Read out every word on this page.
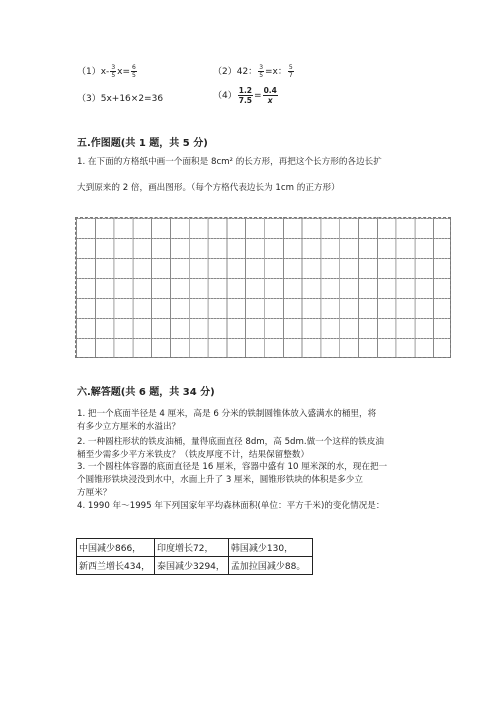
$(1)x- \frac{3}{5} x= \frac{6}{5}$	（2）42： $\frac{3}{5} =x$： $\frac{5}{7}$
（3）5x+16×2=36	$(4) \frac{1.2}{7.5} = \frac{0.4}{x}$
五.作图题(共 1 题，共 5 分)
1. 在下面的方格纸中画一个面积是 8cm² 的长方形，再把这个长方形的各边长扩
大到原来的 2 倍，画出图形。（每个方格代表边长为 1cm 的正方形）
六.解答题(共 6 题，共 34 分)
1. 把一个底面半径是 4 厘米，高是 6 分米的铁制圆锥体放入盛满水的桶里，将
有多少立方厘米的水溢出？
2. 一种圆柱形状的铁皮油桶，量得底面直径 8dm，高 5dm.做一个这样的铁皮油
桶至少需多少平方米铁皮？（铁皮厚度不计，结果保留整数）
3. 一个圆柱体容器的底面直径是 16 厘米，容器中盛有 10 厘米深的水，现在把一
个圆锥形铁块浸没到水中，水面上升了 3 厘米，圆锥形铁块的体积是多少立
方厘米？
4. 1990 年～1995 年下列国家年平均森林面积(单位：平方千米)的变化情况是：
中国减少866，	印度增长72，	韩国减少130，
新西兰增长434，	泰国减少3294，	孟加拉国减少88。
